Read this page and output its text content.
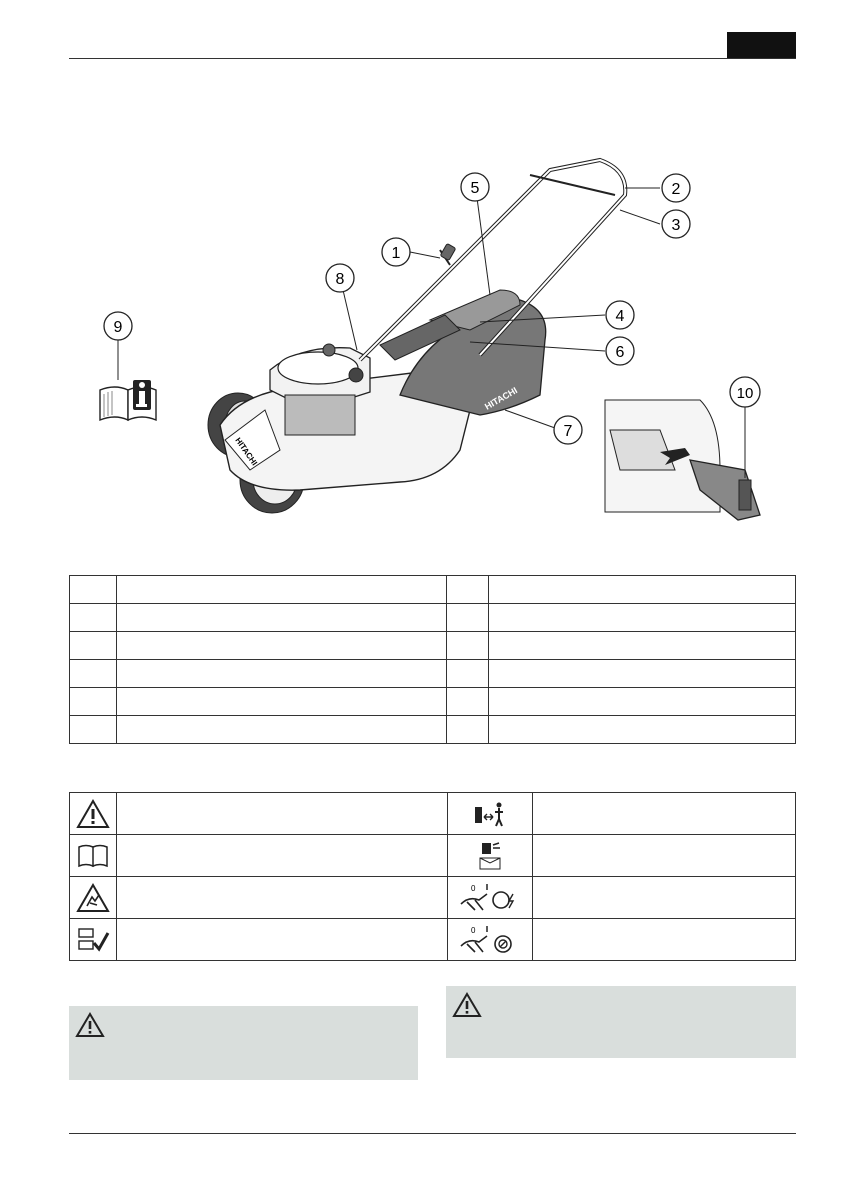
HITACHI
HITACHI
1
2
3
4
5
6
7
8
9
10

0	

0	
